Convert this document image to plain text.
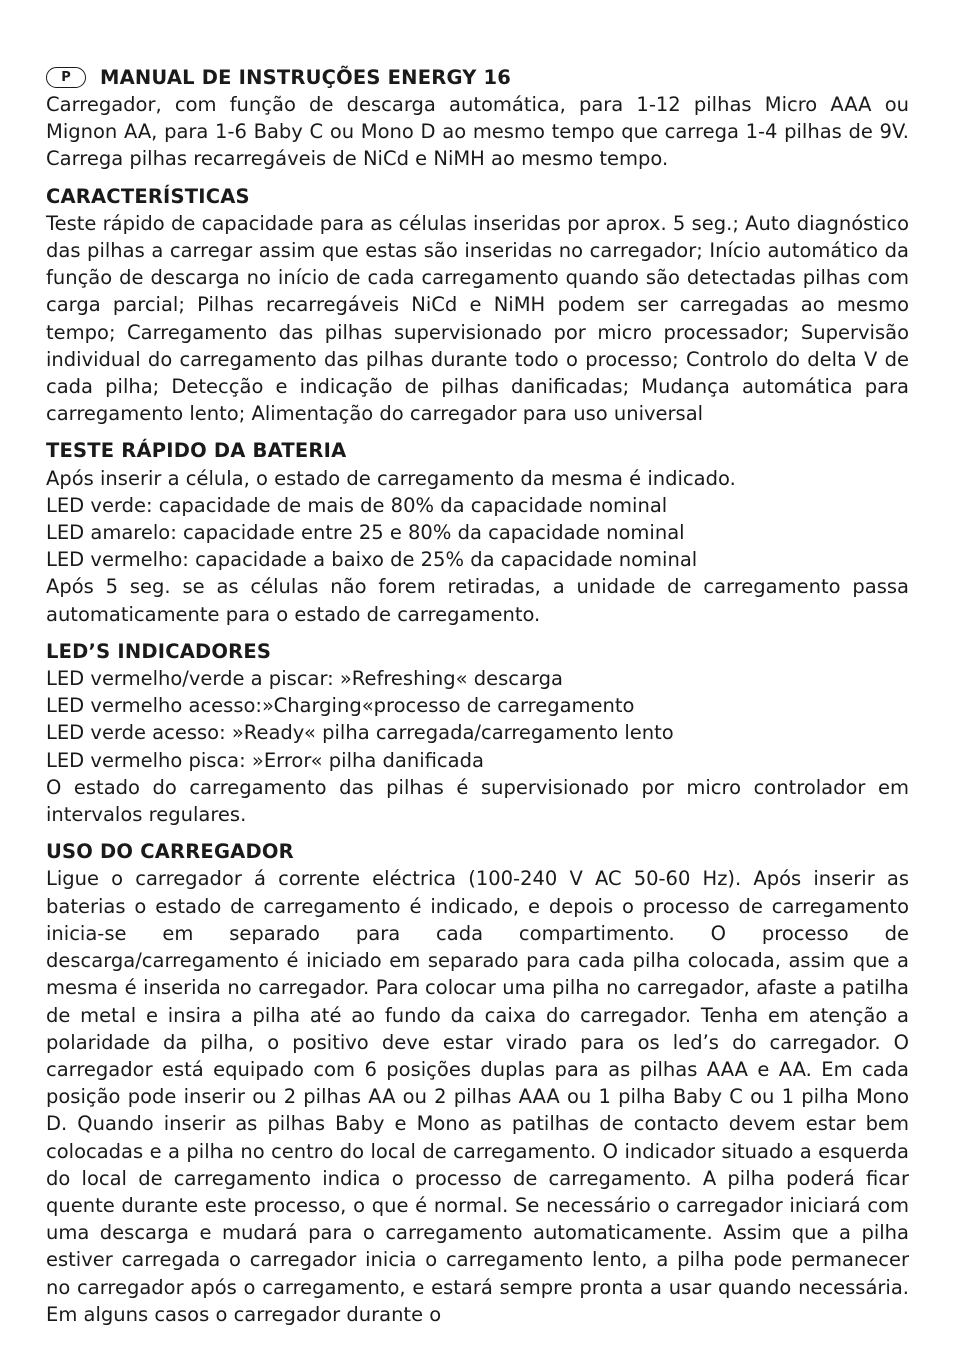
P	MANUAL DE INSTRUÇÕES ENERGY 16
Carregador, com função de descarga automática, para 1-12 pilhas Micro AAA ou Mignon AA, para 1-6 Baby C ou Mono D ao mesmo tempo que carrega 1-4 pilhas de 9V. Carrega pilhas recarregáveis de NiCd e NiMH ao mesmo tempo.
CARACTERÍSTICAS
Teste rápido de capacidade para as células inseridas por aprox. 5 seg.; Auto diagnóstico das pilhas a carregar assim que estas são inseridas no carregador; Início automático da função de descarga no início de cada carregamento quando são detectadas pilhas com carga parcial; Pilhas recarregáveis NiCd e NiMH podem ser carregadas ao mesmo tempo; Carregamento das pilhas supervisionado por micro processador; Supervisão individual do carregamento das pilhas durante todo o processo; Controlo do delta V de cada pilha; Detecção e indicação de pilhas danificadas; Mudança automática para carregamento lento; Alimentação do carregador para uso universal
TESTE RÁPIDO DA BATERIA
Após inserir a célula, o estado de carregamento da mesma é indicado.
LED verde: capacidade de mais de 80% da capacidade nominal
LED amarelo: capacidade entre 25 e 80% da capacidade nominal
LED vermelho: capacidade a baixo de 25% da capacidade nominal
Após 5 seg. se as células não forem retiradas, a unidade de carregamento passa automaticamente para o estado de carregamento.
LED’S INDICADORES
LED vermelho/verde a piscar: »Refreshing« descarga
LED vermelho acesso:»Charging«processo de carregamento
LED verde acesso: »Ready« pilha carregada/carregamento lento
LED vermelho pisca: »Error« pilha danificada
O estado do carregamento das pilhas é supervisionado por micro controlador em intervalos regulares.
USO DO CARREGADOR
Ligue o carregador á corrente eléctrica (100-240 V AC 50-60 Hz). Após inserir as baterias o estado de carregamento é indicado, e depois o processo de carregamento inicia-se em separado para cada compartimento. O processo de descarga/carregamento é iniciado em separado para cada pilha colocada, assim que a mesma é inserida no carregador. Para colocar uma pilha no carregador, afaste a patilha de metal e insira a pilha até ao fundo da caixa do carregador. Tenha em atenção a polaridade da pilha, o positivo deve estar virado para os led’s do carregador. O carregador está equipado com 6 posições duplas para as pilhas AAA e AA. Em cada posição pode inserir ou 2 pilhas AA ou 2 pilhas AAA ou 1 pilha Baby C ou 1 pilha Mono D. Quando inserir as pilhas Baby e Mono as patilhas de contacto devem estar bem colocadas e a pilha no centro do local de carregamento. O indicador situado a esquerda do local de carregamento indica o processo de carregamento. A pilha poderá ficar quente durante este processo, o que é normal. Se necessário o carregador iniciará com uma descarga e mudará para o carregamento automaticamente. Assim que a pilha estiver carregada o carregador inicia o carregamento lento, a pilha pode permanecer no carregador após o carregamento, e estará sempre pronta a usar quando necessária. Em alguns casos o carregador durante o
